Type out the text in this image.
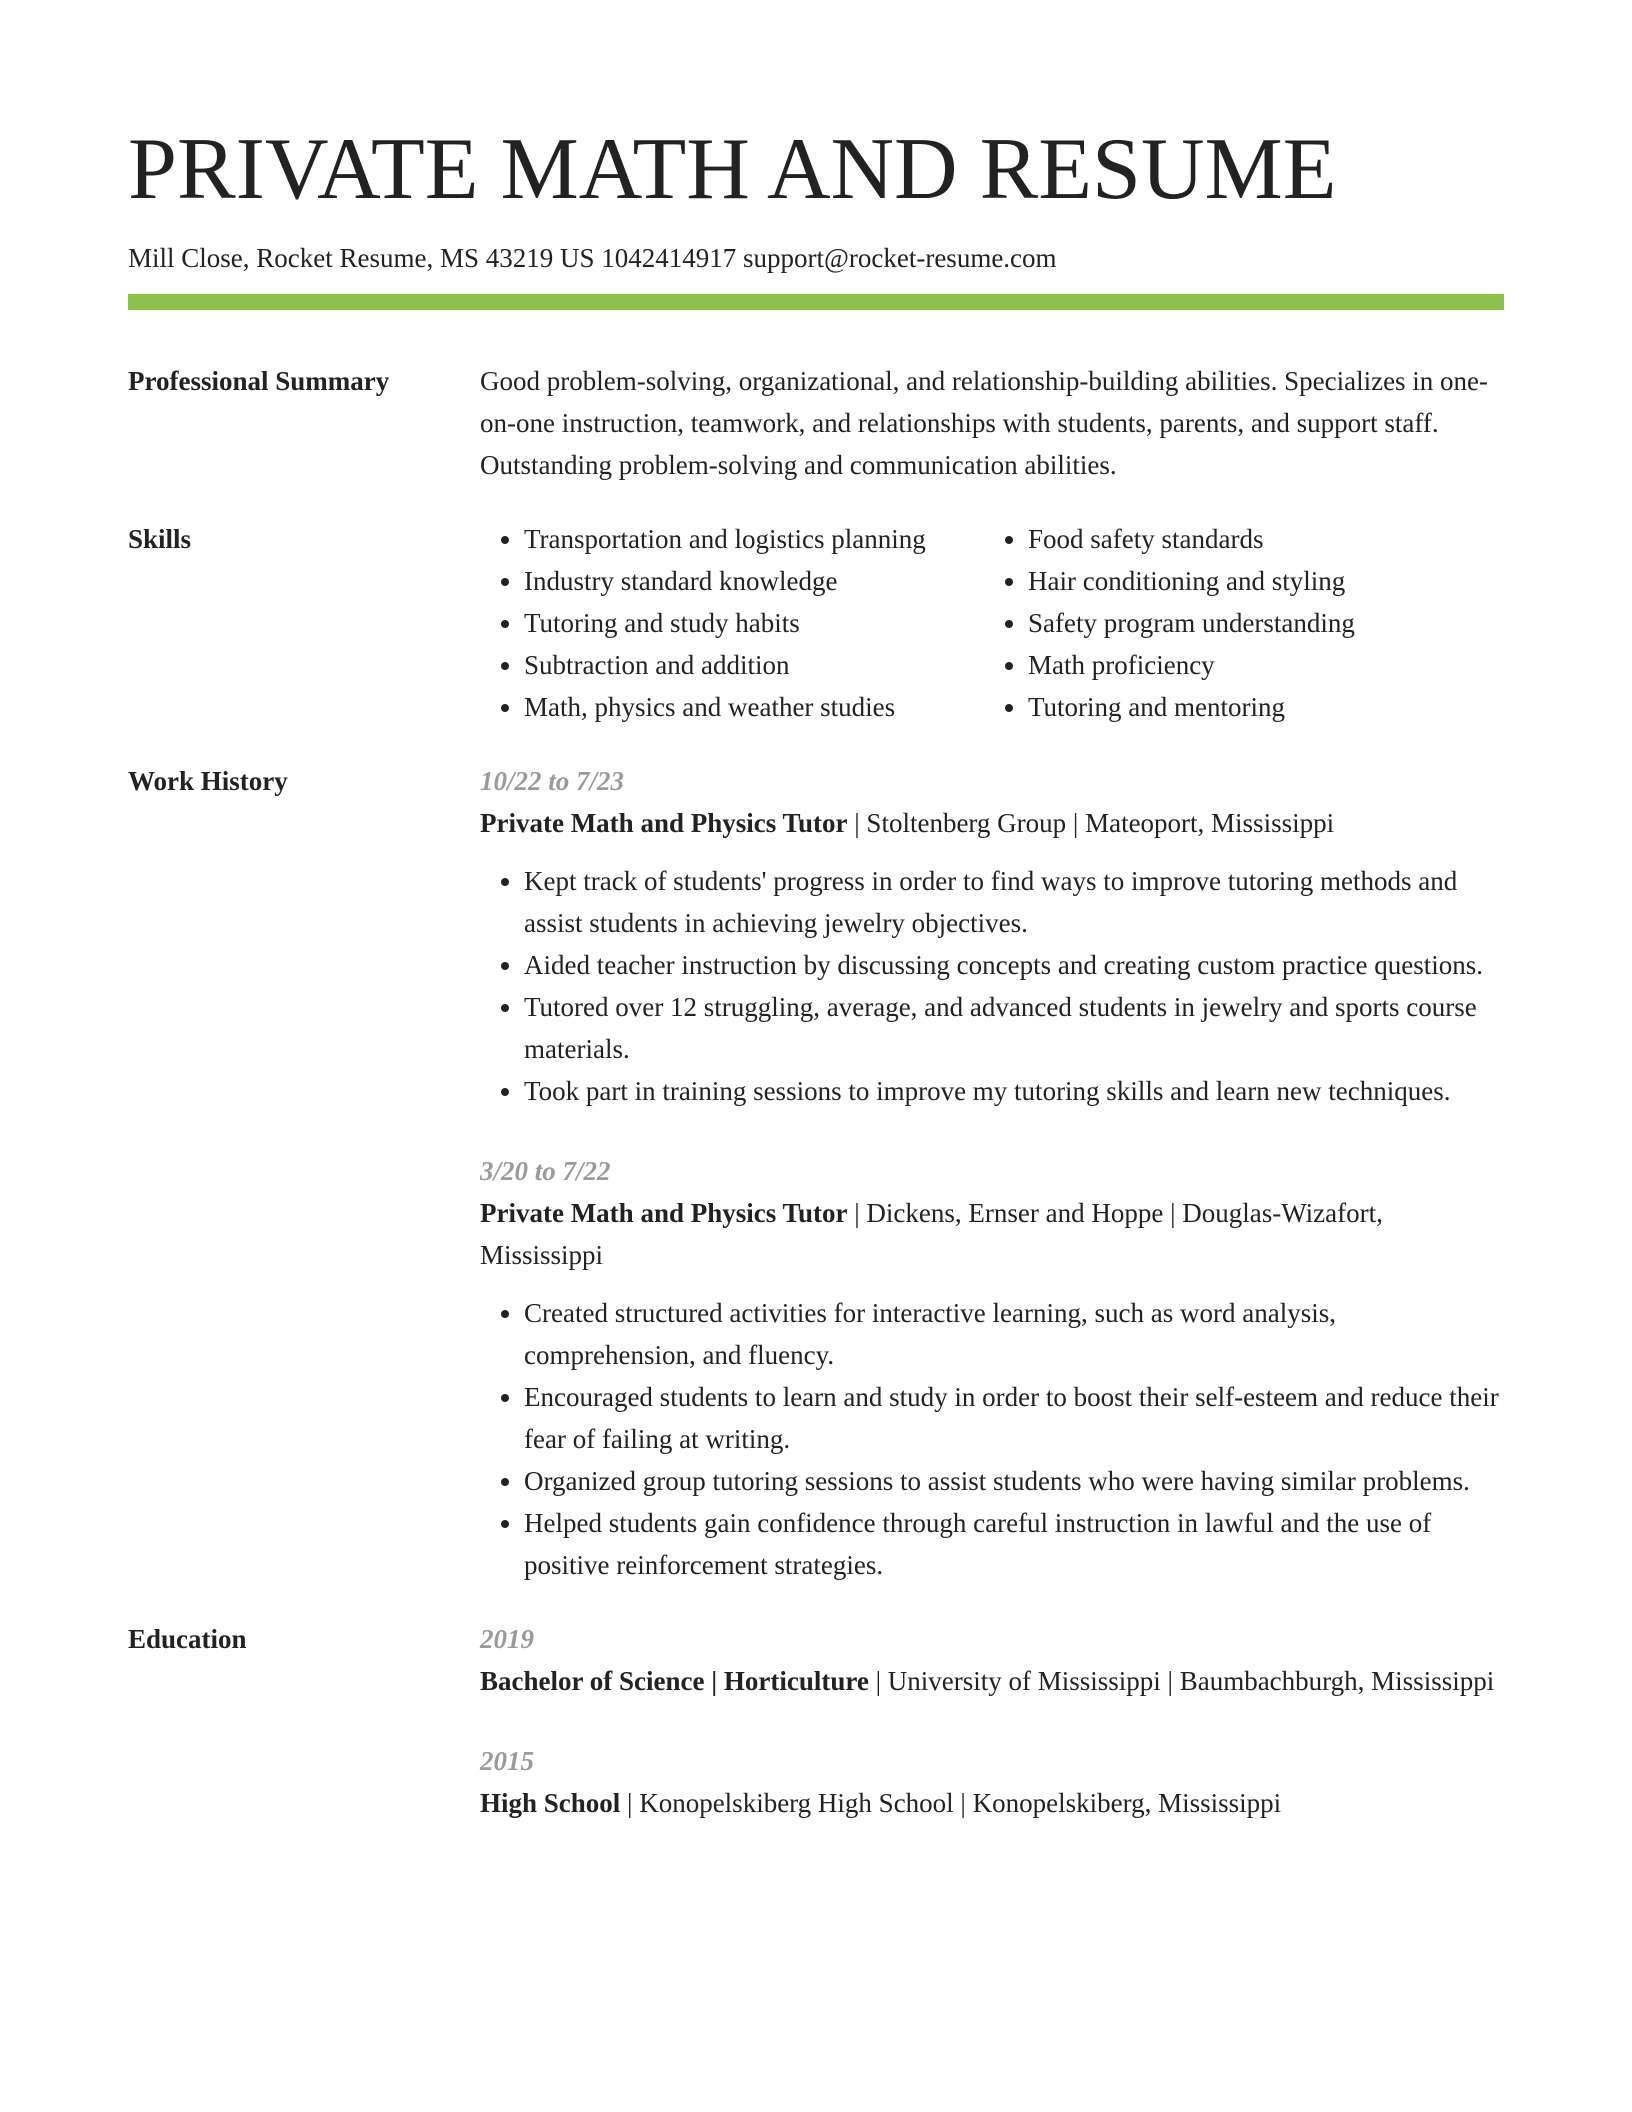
PRIVATE MATH AND RESUME
Mill Close, Rocket Resume, MS 43219 US 1042414917 support@rocket-resume.com
Professional Summary	Good problem-solving, organizational, and relationship-building abilities. Specializes in one-on-one instruction, teamwork, and relationships with students, parents, and support staff. Outstanding problem-solving and communication abilities.
Skills
•	Transportation and logistics planning
• Industry standard knowledge
• Tutoring and study habits
• Subtraction and addition
• Math, physics and weather studies
• Food safety standards
• Hair conditioning and styling
• Safety program understanding
• Math proficiency
• Tutoring and mentoring
Work History	10/22 to 7/23
Private Math and Physics Tutor | Stoltenberg Group | Mateoport, Mississippi
• Kept track of students' progress in order to find ways to improve tutoring methods and assist students in achieving jewelry objectives.
• Aided teacher instruction by discussing concepts and creating custom practice questions.
• Tutored over 12 struggling, average, and advanced students in jewelry and sports course materials.
• Took part in training sessions to improve my tutoring skills and learn new techniques.
3/20 to 7/22
Private Math and Physics Tutor | Dickens, Ernser and Hoppe | Douglas-Wizafort, Mississippi
• Created structured activities for interactive learning, such as word analysis, comprehension, and fluency.
• Encouraged students to learn and study in order to boost their self-esteem and reduce their fear of failing at writing.
• Organized group tutoring sessions to assist students who were having similar problems.
• Helped students gain confidence through careful instruction in lawful and the use of positive reinforcement strategies.
Education	2019
Bachelor of Science | Horticulture | University of Mississippi | Baumbachburgh, Mississippi
2015
High School | Konopelskiberg High School | Konopelskiberg, Mississippi
